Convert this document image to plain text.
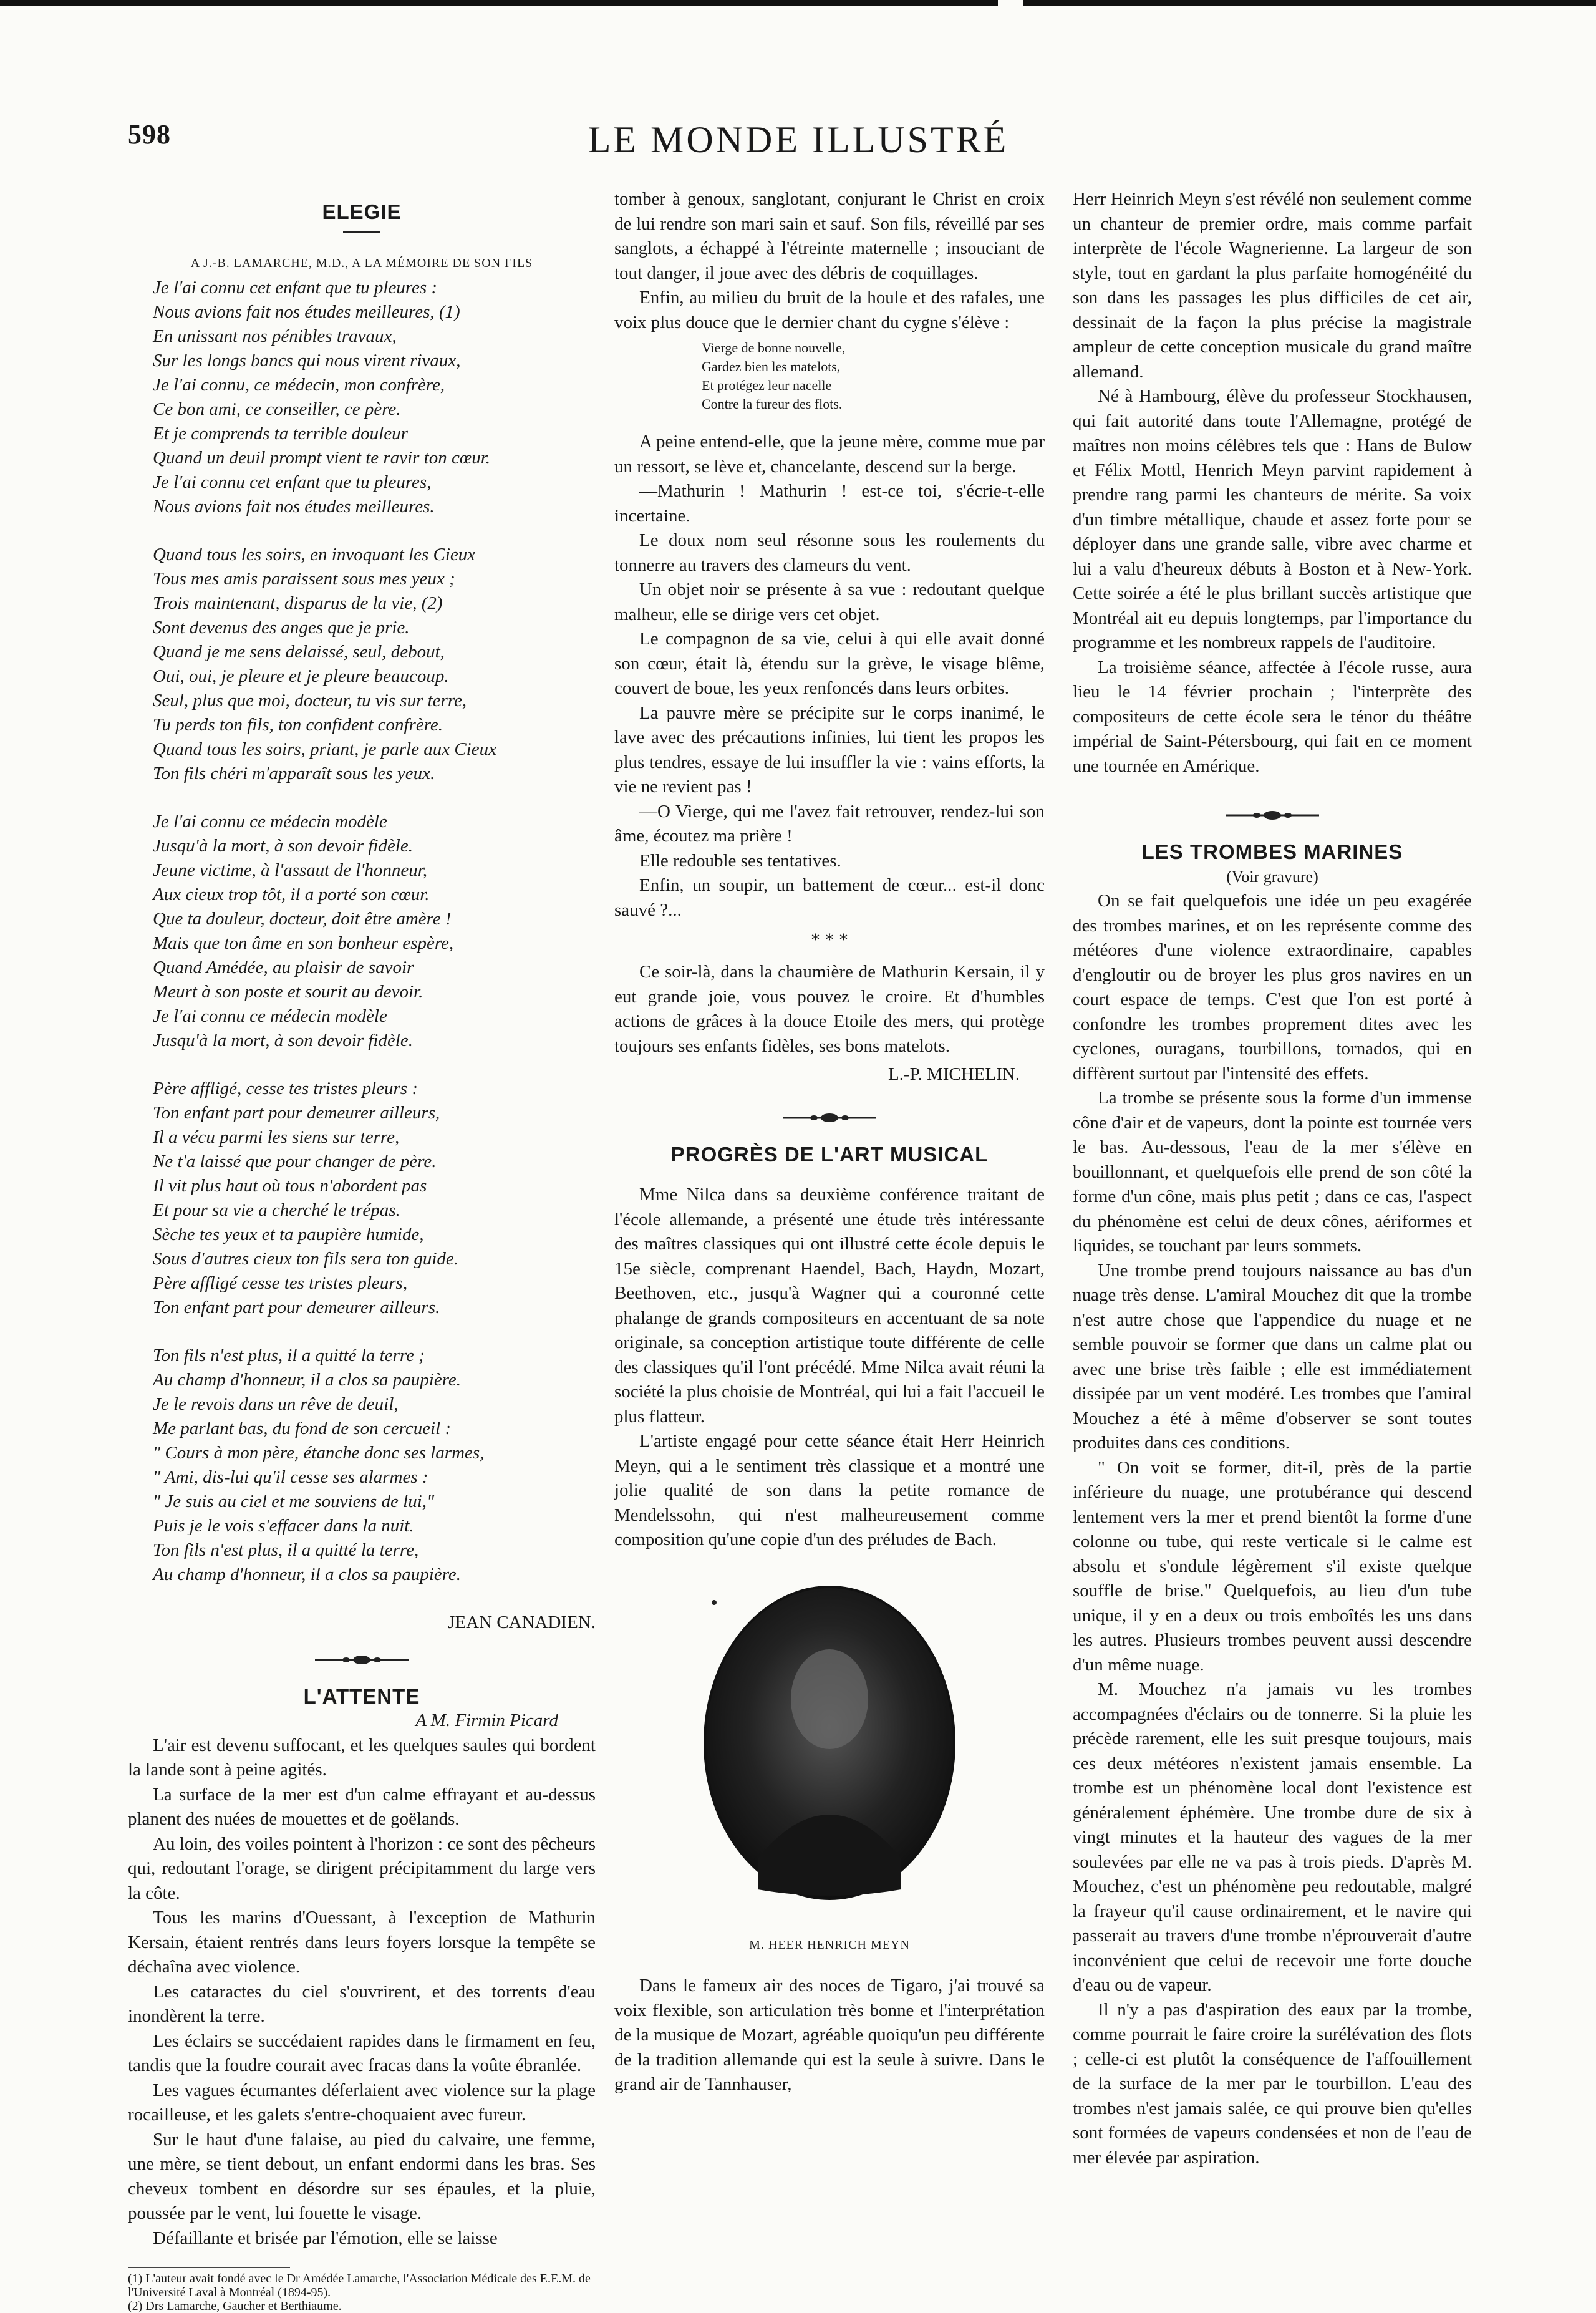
598	LE MONDE ILLUSTRÉ
ELEGIE

A J.-B. LAMARCHE, M.D., A LA MÉMOIRE DE SON FILS

Je l'ai connu cet enfant que tu pleures :
Nous avions fait nos études meilleures, (1)
En unissant nos pénibles travaux,
Sur les longs bancs qui nous virent rivaux,
Je l'ai connu, ce médecin, mon confrère,
Ce bon ami, ce conseiller, ce père.
Et je comprends ta terrible douleur
Quand un deuil prompt vient te ravir ton cœur.
Je l'ai connu cet enfant que tu pleures,
Nous avions fait nos études meilleures.
Quand tous les soirs, en invoquant les Cieux
Tous mes amis paraissent sous mes yeux ;
Trois maintenant, disparus de la vie, (2)
Sont devenus des anges que je prie.
Quand je me sens delaissé, seul, debout,
Oui, oui, je pleure et je pleure beaucoup.
Seul, plus que moi, docteur, tu vis sur terre,
Tu perds ton fils, ton confident confrère.
Quand tous les soirs, priant, je parle aux Cieux
Ton fils chéri m'apparaît sous les yeux.
Je l'ai connu ce médecin modèle
Jusqu'à la mort, à son devoir fidèle.
Jeune victime, à l'assaut de l'honneur,
Aux cieux trop tôt, il a porté son cœur.
Que ta douleur, docteur, doit être amère !
Mais que ton âme en son bonheur espère,
Quand Amédée, au plaisir de savoir
Meurt à son poste et sourit au devoir.
Je l'ai connu ce médecin modèle
Jusqu'à la mort, à son devoir fidèle.
Père affligé, cesse tes tristes pleurs :
Ton enfant part pour demeurer ailleurs,
Il a vécu parmi les siens sur terre,
Ne t'a laissé que pour changer de père.
Il vit plus haut où tous n'abordent pas
Et pour sa vie a cherché le trépas.
Sèche tes yeux et ta paupière humide,
Sous d'autres cieux ton fils sera ton guide.
Père affligé cesse tes tristes pleurs,
Ton enfant part pour demeurer ailleurs.
Ton fils n'est plus, il a quitté la terre ;
Au champ d'honneur, il a clos sa paupière.
Je le revois dans un rêve de deuil,
Me parlant bas, du fond de son cercueil :
" Cours à mon père, étanche donc ses larmes,
" Ami, dis-lui qu'il cesse ses alarmes :
" Je suis au ciel et me souviens de lui,"
Puis je le vois s'effacer dans la nuit.
Ton fils n'est plus, il a quitté la terre,
Au champ d'honneur, il a clos sa paupière.

JEAN CANADIEN.

L'ATTENTE

A M. Firmin Picard

L'air est devenu suffocant, et les quelques saules qui bordent la lande sont à peine agités.

La surface de la mer est d'un calme effrayant et au-dessus planent des nuées de mouettes et de goëlands.

Au loin, des voiles pointent à l'horizon : ce sont des pêcheurs qui, redoutant l'orage, se dirigent précipitamment du large vers la côte.

Tous les marins d'Ouessant, à l'exception de Mathurin Kersain, étaient rentrés dans leurs foyers lorsque la tempête se déchaîna avec violence.

Les cataractes du ciel s'ouvrirent, et des torrents d'eau inondèrent la terre.

Les éclairs se succédaient rapides dans le firmament en feu, tandis que la foudre courait avec fracas dans la voûte ébranlée.

Les vagues écumantes déferlaient avec violence sur la plage rocailleuse, et les galets s'entre-choquaient avec fureur.

Sur le haut d'une falaise, au pied du calvaire, une femme, une mère, se tient debout, un enfant endormi dans les bras. Ses cheveux tombent en désordre sur ses épaules, et la pluie, poussée par le vent, lui fouette le visage.

Défaillante et brisée par l'émotion, elle se laisse

(1) L'auteur avait fondé avec le Dr Amédée Lamarche, l'Association Médicale des E.E.M. de l'Université Laval à Montréal (1894-95).
(2) Drs Lamarche, Gaucher et Berthiaume.

tomber à genoux, sanglotant, conjurant le Christ en croix de lui rendre son mari sain et sauf. Son fils, réveillé par ses sanglots, a échappé à l'étreinte maternelle ; insouciant de tout danger, il joue avec des débris de coquillages.

Enfin, au milieu du bruit de la houle et des rafales, une voix plus douce que le dernier chant du cygne s'élève :

Vierge de bonne nouvelle,
Gardez bien les matelots,
Et protégez leur nacelle
Contre la fureur des flots.

A peine entend-elle, que la jeune mère, comme mue par un ressort, se lève et, chancelante, descend sur la berge.

—Mathurin ! Mathurin ! est-ce toi, s'écrie-t-elle incertaine.

Le doux nom seul résonne sous les roulements du tonnerre au travers des clameurs du vent.

Un objet noir se présente à sa vue : redoutant quelque malheur, elle se dirige vers cet objet.

Le compagnon de sa vie, celui à qui elle avait donné son cœur, était là, étendu sur la grève, le visage blême, couvert de boue, les yeux renfoncés dans leurs orbites.

La pauvre mère se précipite sur le corps inanimé, le lave avec des précautions infinies, lui tient les propos les plus tendres, essaye de lui insuffler la vie : vains efforts, la vie ne revient pas !

—O Vierge, qui me l'avez fait retrouver, rendez-lui son âme, écoutez ma prière !

Elle redouble ses tentatives.

Enfin, un soupir, un battement de cœur... est-il donc sauvé ?...

* * *

Ce soir-là, dans la chaumière de Mathurin Kersain, il y eut grande joie, vous pouvez le croire. Et d'humbles actions de grâces à la douce Etoile des mers, qui protège toujours ses enfants fidèles, ses bons matelots.

L.-P. MICHELIN.

PROGRÈS DE L'ART MUSICAL

Mme Nilca dans sa deuxième conférence traitant de l'école allemande, a présenté une étude très intéressante des maîtres classiques qui ont illustré cette école depuis le 15e siècle, comprenant Haendel, Bach, Haydn, Mozart, Beethoven, etc., jusqu'à Wagner qui a couronné cette phalange de grands compositeurs en accentuant de sa note originale, sa conception artistique toute différente de celle des classiques qu'il l'ont précédé. Mme Nilca avait réuni la société la plus choisie de Montréal, qui lui a fait l'accueil le plus flatteur.

L'artiste engagé pour cette séance était Herr Heinrich Meyn, qui a le sentiment très classique et a montré une jolie qualité de son dans la petite romance de Mendelssohn, qui n'est malheureusement comme composition qu'une copie d'un des préludes de Bach.

M. HEER HENRICH MEYN

Dans le fameux air des noces de Tigaro, j'ai trouvé sa voix flexible, son articulation très bonne et l'interprétation de la musique de Mozart, agréable quoiqu'un peu différente de la tradition allemande qui est la seule à suivre. Dans le grand air de Tannhauser,

Herr Heinrich Meyn s'est révélé non seulement comme un chanteur de premier ordre, mais comme parfait interprète de l'école Wagnerienne. La largeur de son style, tout en gardant la plus parfaite homogénéité du son dans les passages les plus difficiles de cet air, dessinait de la façon la plus précise la magistrale ampleur de cette conception musicale du grand maître allemand.

Né à Hambourg, élève du professeur Stockhausen, qui fait autorité dans toute l'Allemagne, protégé de maîtres non moins célèbres tels que : Hans de Bulow et Félix Mottl, Henrich Meyn parvint rapidement à prendre rang parmi les chanteurs de mérite. Sa voix d'un timbre métallique, chaude et assez forte pour se déployer dans une grande salle, vibre avec charme et lui a valu d'heureux débuts à Boston et à New-York. Cette soirée a été le plus brillant succès artistique que Montréal ait eu depuis longtemps, par l'importance du programme et les nombreux rappels de l'auditoire.

La troisième séance, affectée à l'école russe, aura lieu le 14 février prochain ; l'interprète des compositeurs de cette école sera le ténor du théâtre impérial de Saint-Pétersbourg, qui fait en ce moment une tournée en Amérique.

LES TROMBES MARINES

(Voir gravure)

On se fait quelquefois une idée un peu exagérée des trombes marines, et on les représente comme des météores d'une violence extraordinaire, capables d'engloutir ou de broyer les plus gros navires en un court espace de temps. C'est que l'on est porté à confondre les trombes proprement dites avec les cyclones, ouragans, tourbillons, tornados, qui en diffèrent surtout par l'intensité des effets.

La trombe se présente sous la forme d'un immense cône d'air et de vapeurs, dont la pointe est tournée vers le bas. Au-dessous, l'eau de la mer s'élève en bouillonnant, et quelquefois elle prend de son côté la forme d'un cône, mais plus petit ; dans ce cas, l'aspect du phénomène est celui de deux cônes, aériformes et liquides, se touchant par leurs sommets.

Une trombe prend toujours naissance au bas d'un nuage très dense. L'amiral Mouchez dit que la trombe n'est autre chose que l'appendice du nuage et ne semble pouvoir se former que dans un calme plat ou avec une brise très faible ; elle est immédiatement dissipée par un vent modéré. Les trombes que l'amiral Mouchez a été à même d'observer se sont toutes produites dans ces conditions.

" On voit se former, dit-il, près de la partie inférieure du nuage, une protubérance qui descend lentement vers la mer et prend bientôt la forme d'une colonne ou tube, qui reste verticale si le calme est absolu et s'ondule légèrement s'il existe quelque souffle de brise." Quelquefois, au lieu d'un tube unique, il y en a deux ou trois emboîtés les uns dans les autres. Plusieurs trombes peuvent aussi descendre d'un même nuage.

M. Mouchez n'a jamais vu les trombes accompagnées d'éclairs ou de tonnerre. Si la pluie les précède rarement, elle les suit presque toujours, mais ces deux météores n'existent jamais ensemble. La trombe est un phénomène local dont l'existence est généralement éphémère. Une trombe dure de six à vingt minutes et la hauteur des vagues de la mer soulevées par elle ne va pas à trois pieds. D'après M. Mouchez, c'est un phénomène peu redoutable, malgré la frayeur qu'il cause ordinairement, et le navire qui passerait au travers d'une trombe n'éprouverait d'autre inconvénient que celui de recevoir une forte douche d'eau ou de vapeur.

Il n'y a pas d'aspiration des eaux par la trombe, comme pourrait le faire croire la surélévation des flots ; celle-ci est plutôt la conséquence de l'affouillement de la surface de la mer par le tourbillon. L'eau des trombes n'est jamais salée, ce qui prouve bien qu'elles sont formées de vapeurs condensées et non de l'eau de mer élevée par aspiration.
